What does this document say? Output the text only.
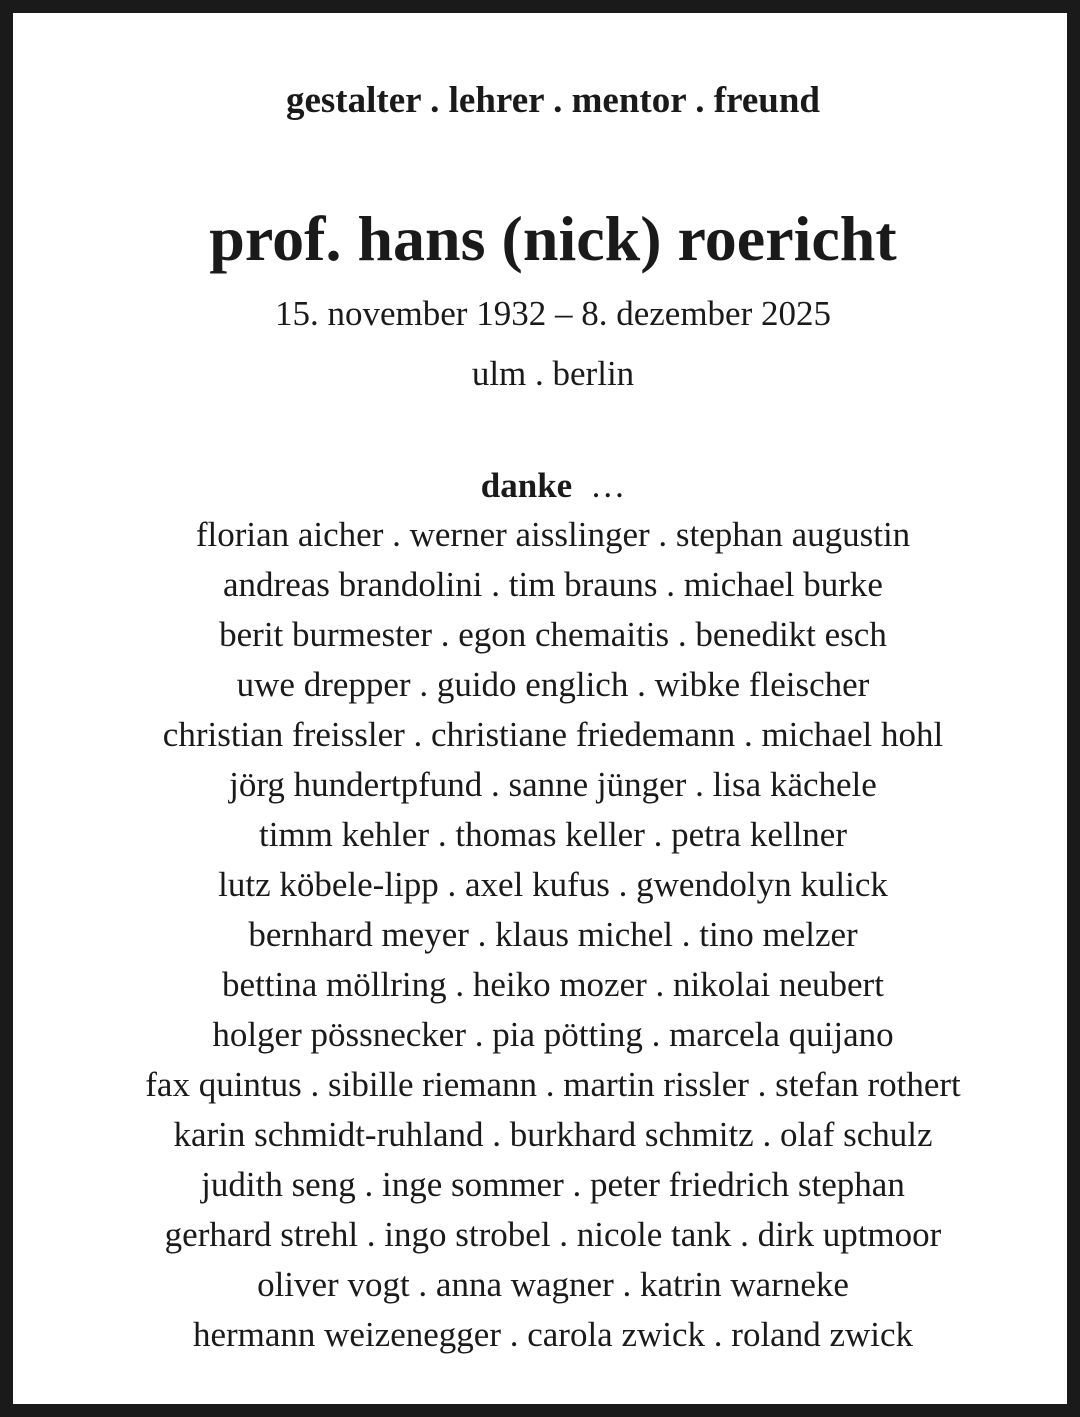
gestalter . lehrer . mentor . freund
prof. hans (nick) roericht
15. november 1932 – 8. dezember 2025
ulm . berlin
danke …
florian aicher . werner aisslinger . stephan augustin
andreas brandolini . tim brauns . michael burke
berit burmester . egon chemaitis . benedikt esch
uwe drepper . guido englich . wibke fleischer
christian freissler . christiane friedemann . michael hohl
jörg hundertpfund . sanne jünger . lisa kächele
timm kehler . thomas keller . petra kellner
lutz köbele-lipp . axel kufus . gwendolyn kulick
bernhard meyer . klaus michel . tino melzer
bettina möllring . heiko mozer . nikolai neubert
holger pössnecker . pia pötting . marcela quijano
fax quintus . sibille riemann . martin rissler . stefan rothert
karin schmidt-ruhland . burkhard schmitz . olaf schulz
judith seng . inge sommer . peter friedrich stephan
gerhard strehl . ingo strobel . nicole tank . dirk uptmoor
oliver vogt . anna wagner . katrin warneke
hermann weizenegger . carola zwick . roland zwick
